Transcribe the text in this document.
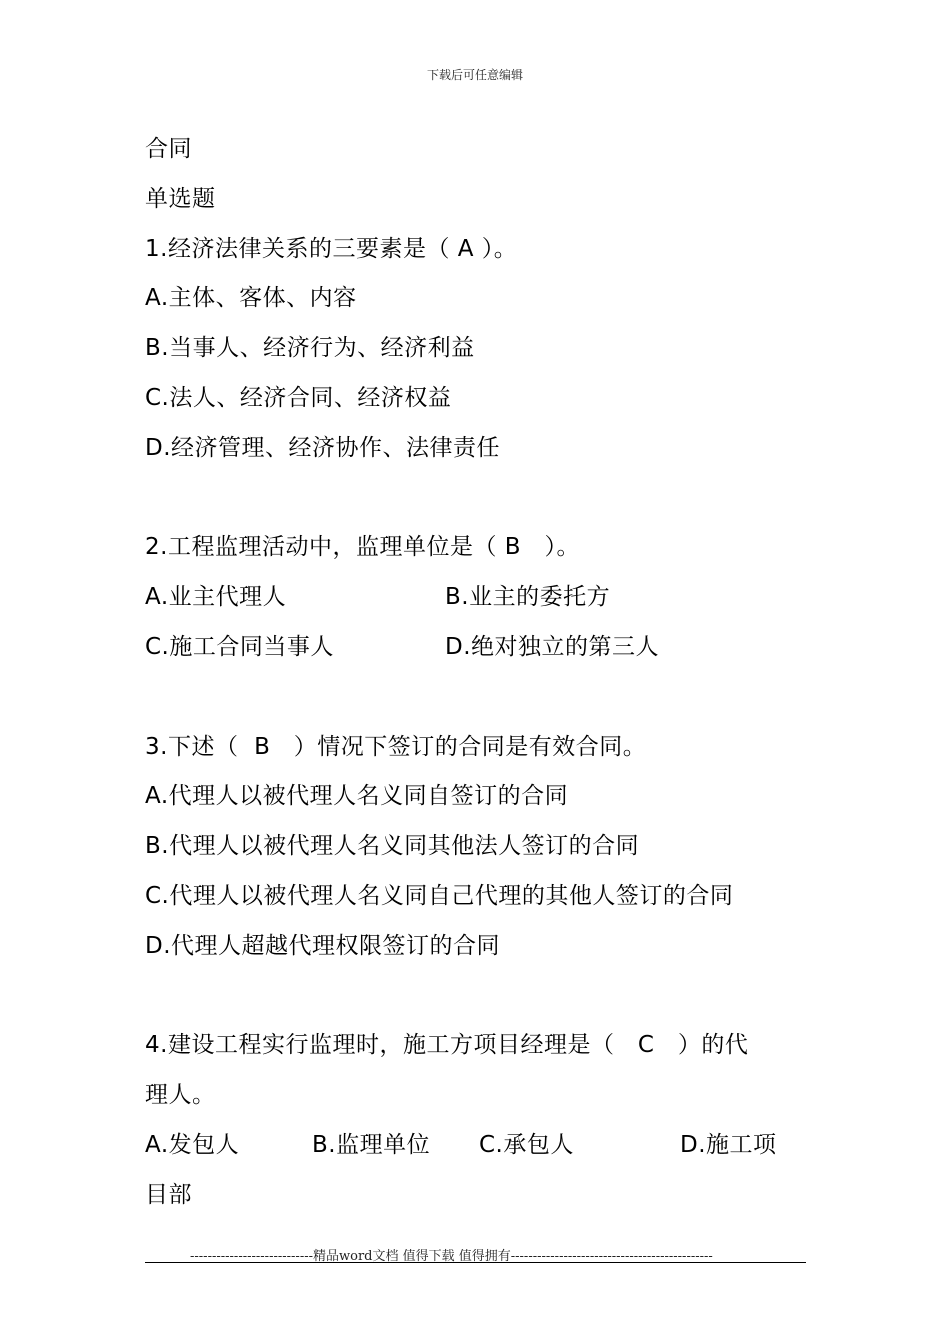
下载后可任意编辑
合同
单选题
1.经济法律关系的三要素是（ A ）。
A.主体、客体、内容
B.当事人、经济行为、经济利益
C.法人、经济合同、经济权益
D.经济管理、经济协作、法律责任
2.工程监理活动中，监理单位是（ B   ）。
A.业主代理人	B.业主的委托方
C.施工合同当事人	D.绝对独立的第三人
3.下述（  B   ）情况下签订的合同是有效合同。
A.代理人以被代理人名义同自签订的合同
B.代理人以被代理人名义同其他法人签订的合同
C.代理人以被代理人名义同自己代理的其他人签订的合同
D.代理人超越代理权限签订的合同
4.建设工程实行监理时，施工方项目经理是（   C   ）的代
理人。
A.发包人	B.监理单位 C.承包人	D.施工项
目部
----------------------------精品word文档 值得下载 值得拥有----------------------------------------------
